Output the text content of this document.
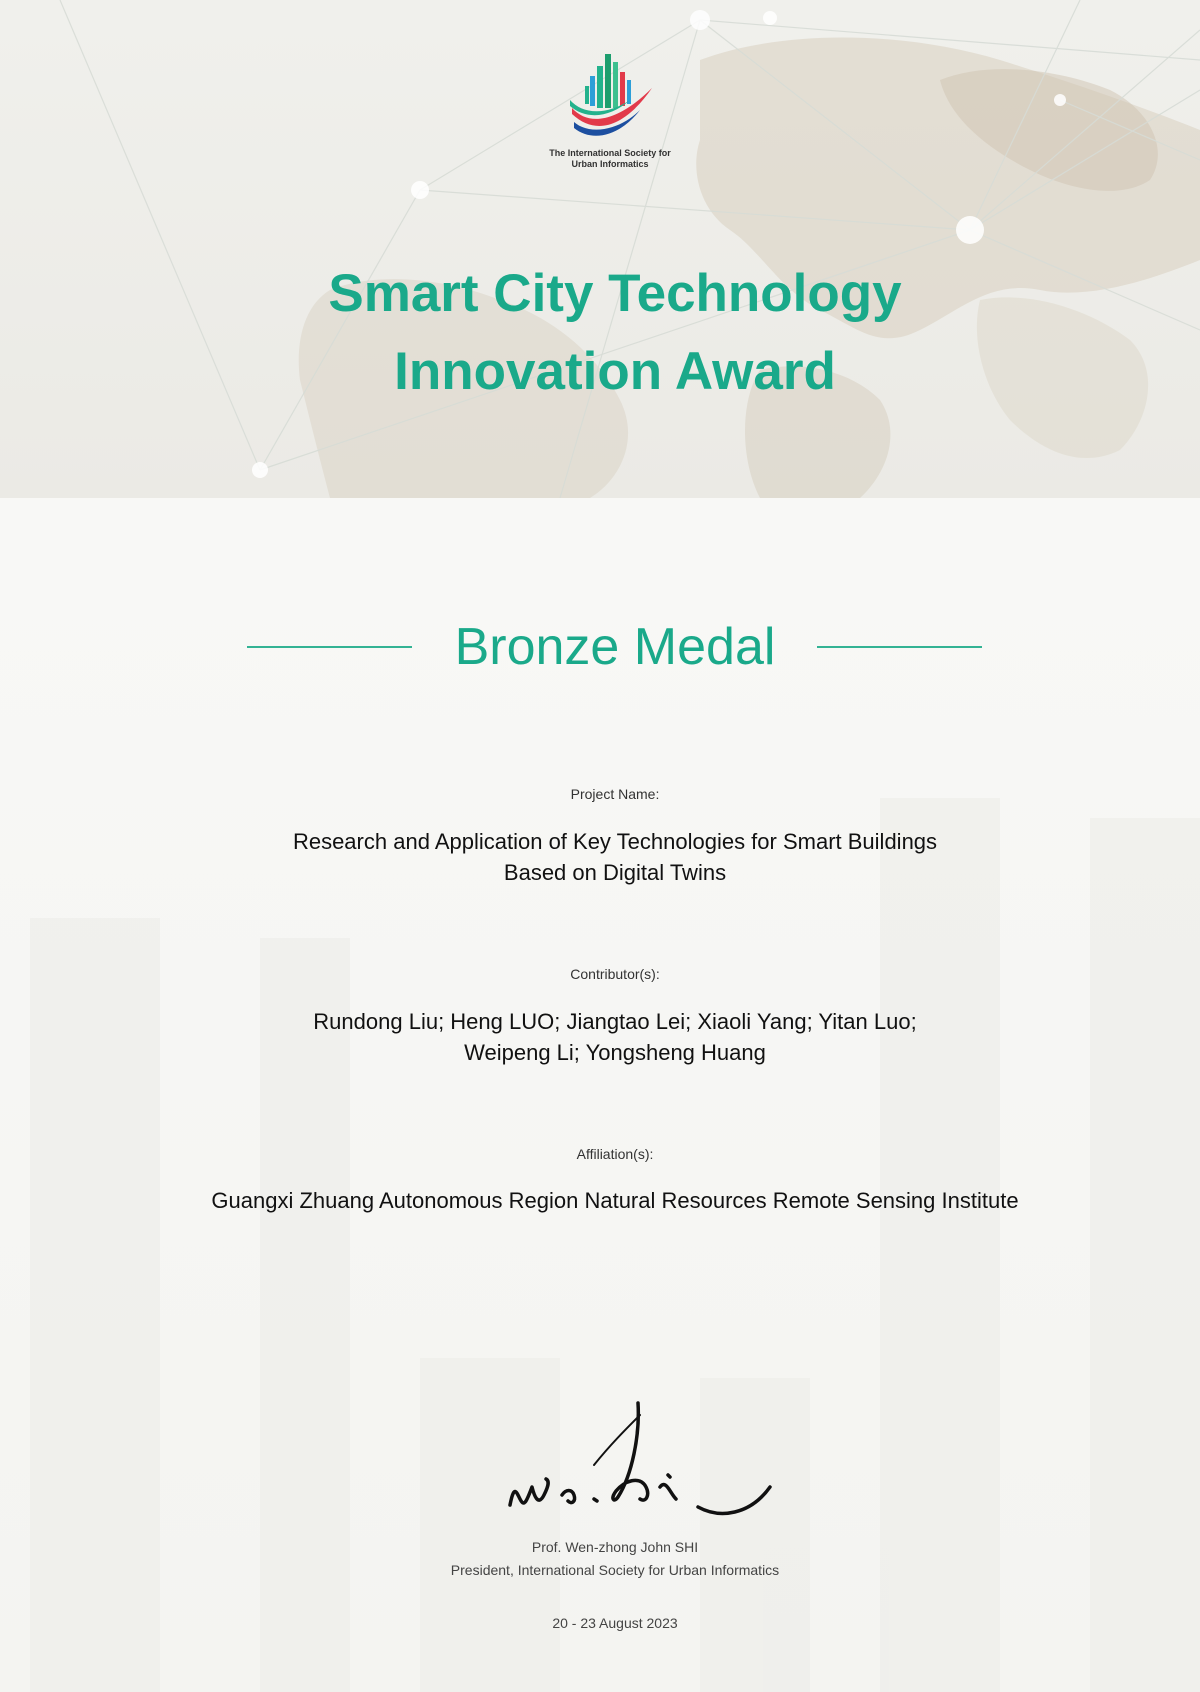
The International Society for
Urban Informatics
Smart City Technology
Innovation Award
Bronze Medal
Project Name:
Research and Application of Key Technologies for Smart Buildings
Based on Digital Twins
Contributor(s):
Rundong Liu; Heng LUO; Jiangtao Lei; Xiaoli Yang; Yitan Luo;
Weipeng Li; Yongsheng Huang
Affiliation(s):
Guangxi Zhuang Autonomous Region Natural Resources Remote Sensing Institute
Prof. Wen-zhong John SHI
President, International Society for Urban Informatics
20 - 23 August 2023
